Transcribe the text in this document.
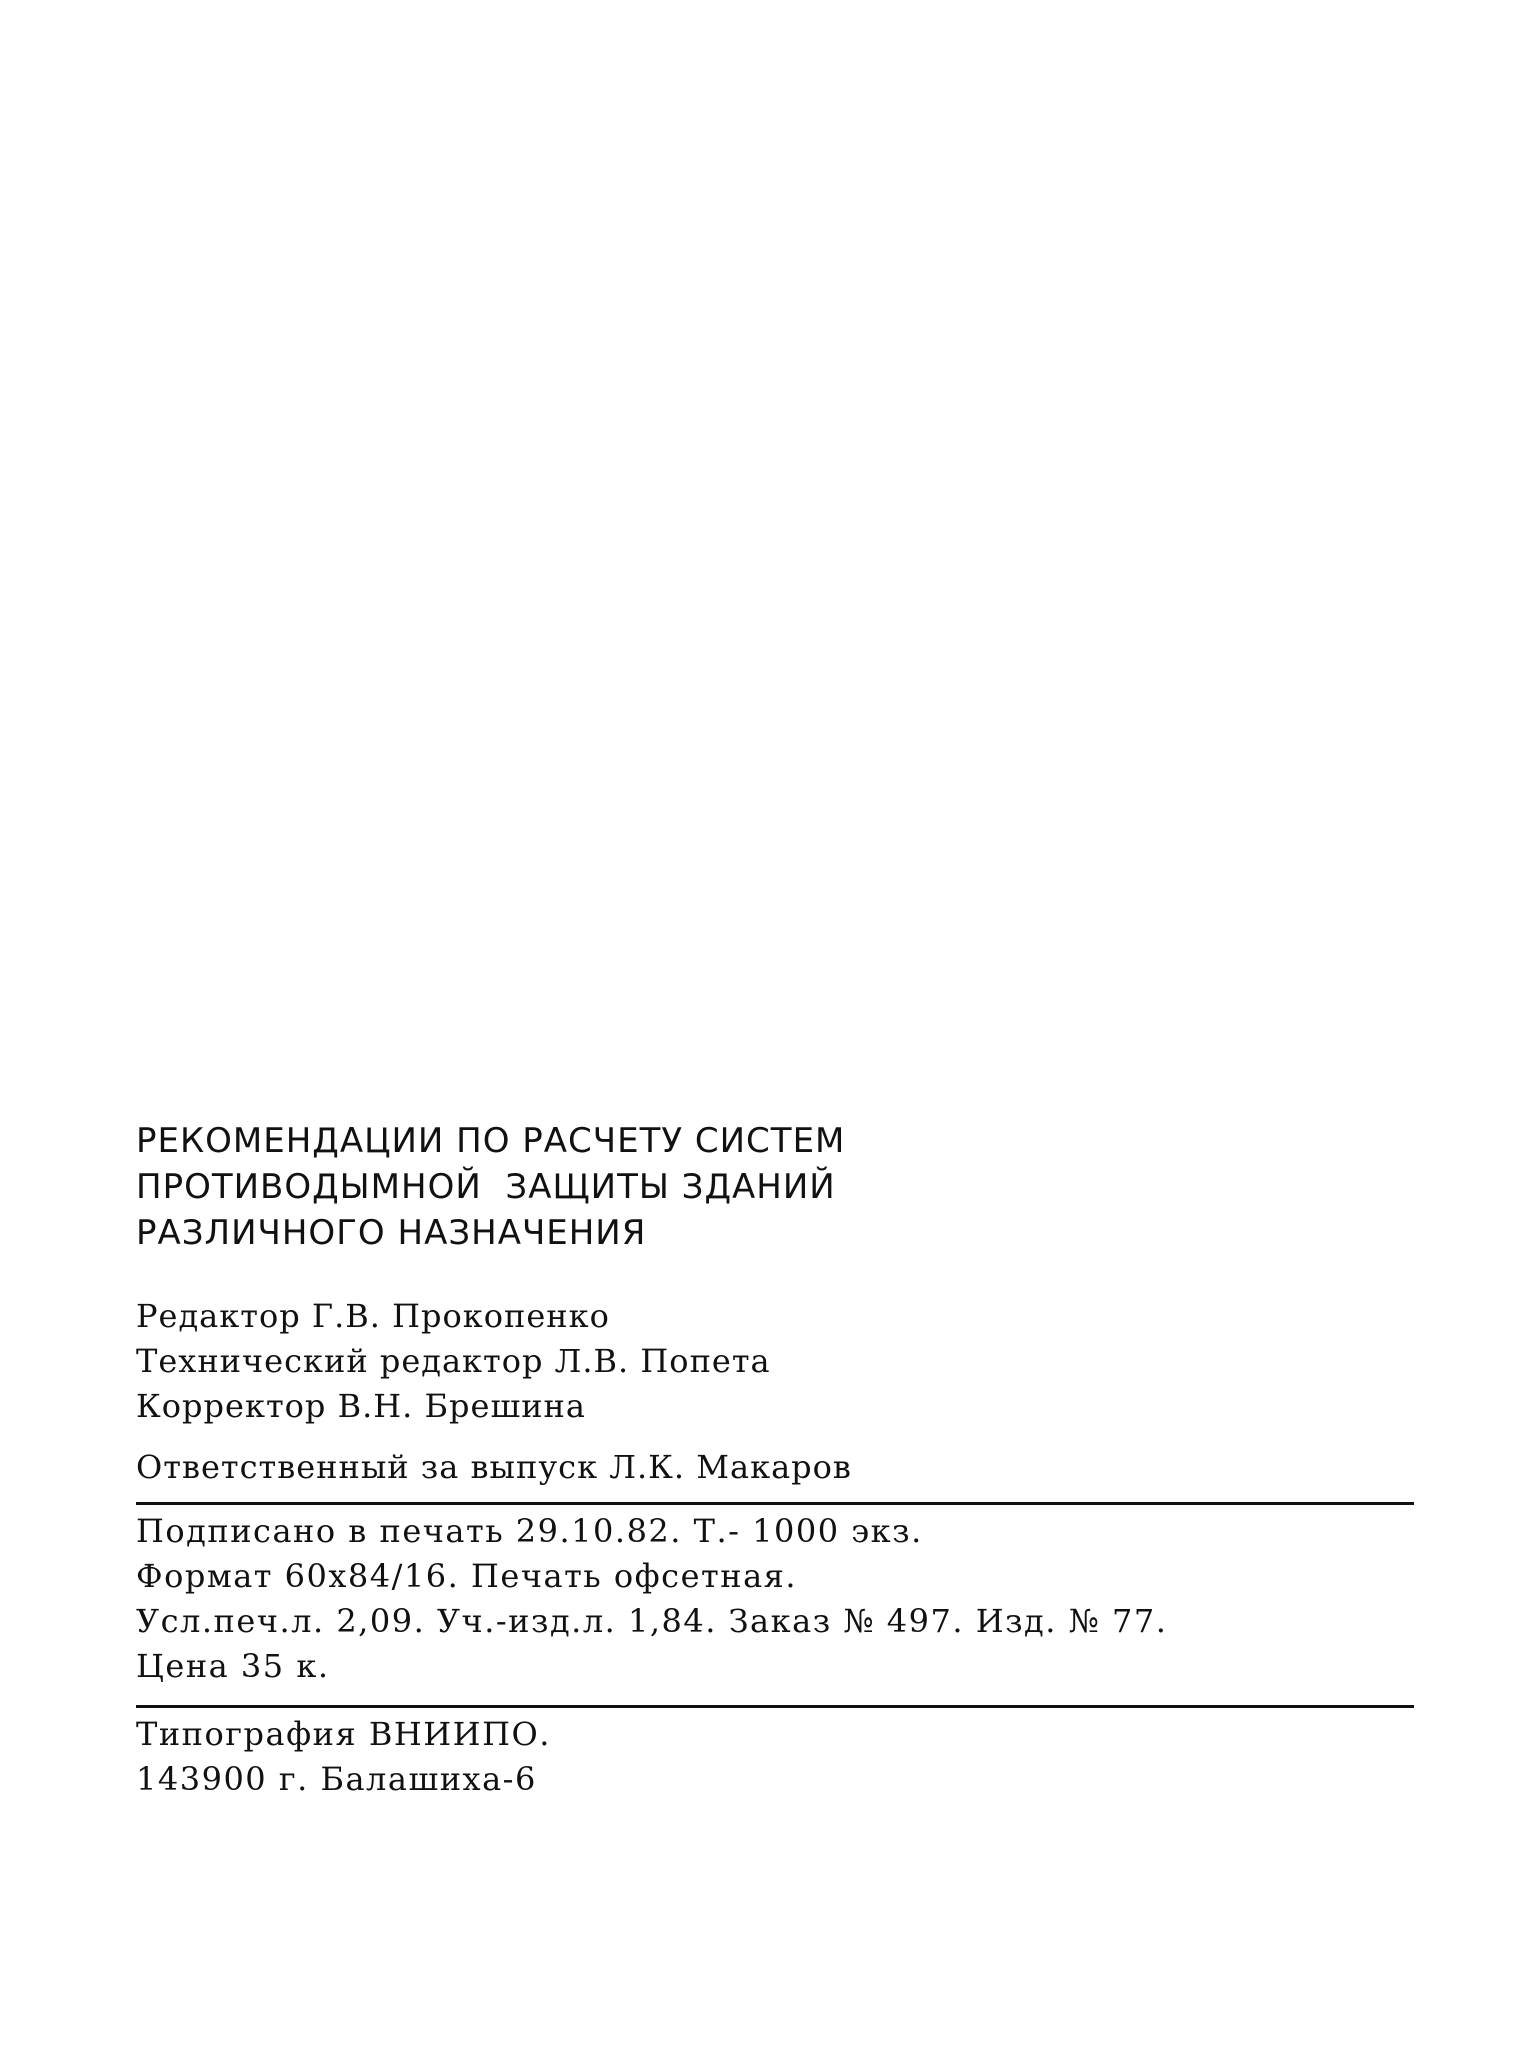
РЕКОМЕНДАЦИИ ПО РАСЧЕТУ СИСТЕМ
ПРОТИВОДЫМНОЙ  ЗАЩИТЫ ЗДАНИЙ
РАЗЛИЧНОГО НАЗНАЧЕНИЯ
Редактор Г.В. Прокопенко
Технический редактор Л.В. Попета
Корректор В.Н. Брешина
Ответственный за выпуск Л.К. Макаров
Подписано в печать 29.10.82. Т.- 1000 экз.
Формат 60х84/16. Печать офсетная.
Усл.печ.л. 2,09. Уч.-изд.л. 1,84. Заказ № 497. Изд. № 77.
Цена 35 к.
Типография ВНИИПО.
143900 г. Балашиха-6
